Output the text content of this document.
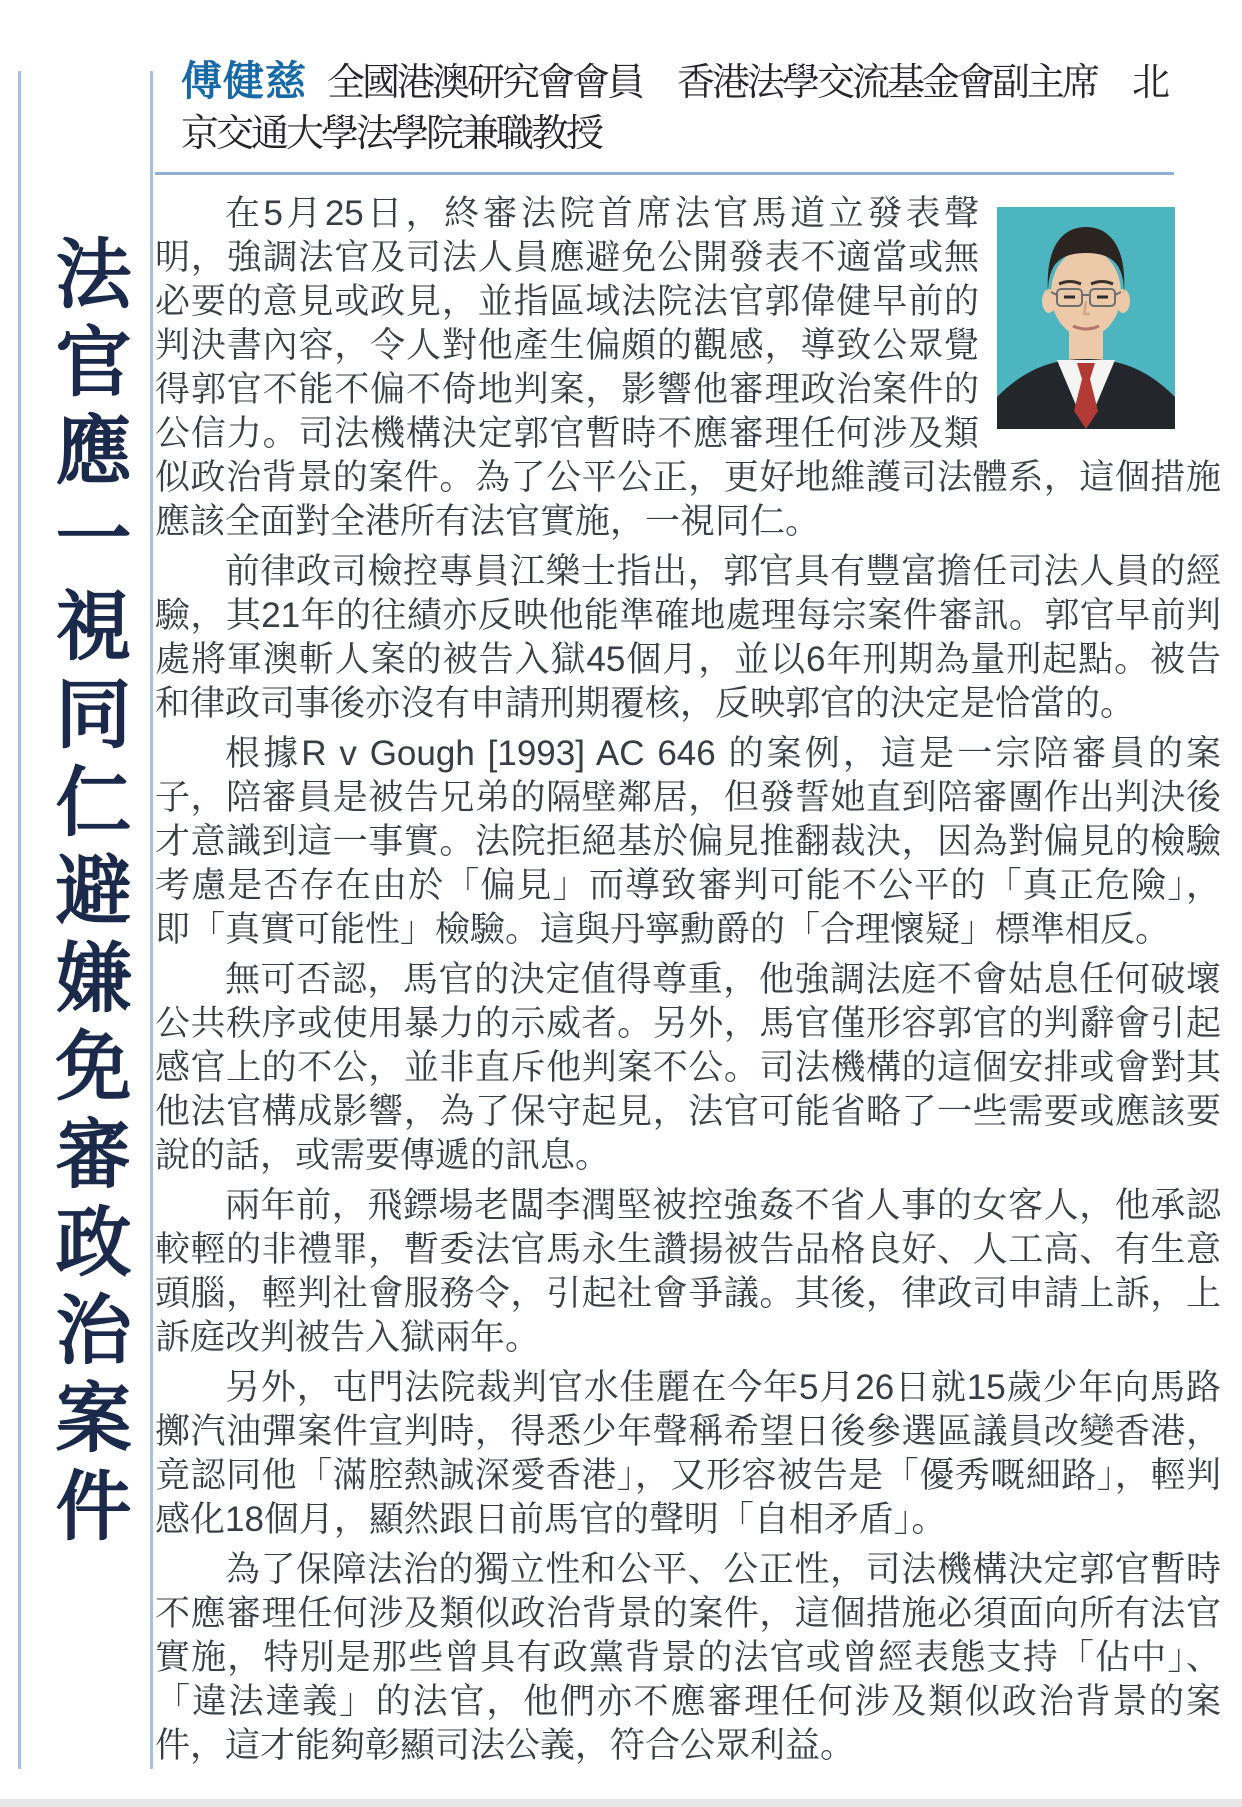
法官應一視同仁避嫌免審政治案件
傅健慈 全國港澳研究會會員　香港法學交流基金會副主席　北京交通大學法學院兼職教授

在5月25日，終審法院首席法官馬道立發表聲明，強調法官及司法人員應避免公開發表不適當或無必要的意見或政見，並指區域法院法官郭偉健早前的判決書內容，令人對他產生偏頗的觀感，導致公眾覺得郭官不能不偏不倚地判案，影響他審理政治案件的公信力。司法機構決定郭官暫時不應審理任何涉及類似政治背景的案件。為了公平公正，更好地維護司法體系，這個措施應該全面對全港所有法官實施，一視同仁。

前律政司檢控專員江樂士指出，郭官具有豐富擔任司法人員的經驗，其21年的往績亦反映他能準確地處理每宗案件審訊。郭官早前判處將軍澳斬人案的被告入獄45個月，並以6年刑期為量刑起點。被告和律政司事後亦沒有申請刑期覆核，反映郭官的決定是恰當的。

根據R v Gough [1993] AC 646 的案例，這是一宗陪審員的案子，陪審員是被告兄弟的隔壁鄰居，但發誓她直到陪審團作出判決後才意識到這一事實。法院拒絕基於偏見推翻裁決，因為對偏見的檢驗考慮是否存在由於「偏見」而導致審判可能不公平的「真正危險」，即「真實可能性」檢驗。這與丹寧勳爵的「合理懷疑」標準相反。

無可否認，馬官的決定值得尊重，他強調法庭不會姑息任何破壞公共秩序或使用暴力的示威者。另外，馬官僅形容郭官的判辭會引起感官上的不公，並非直斥他判案不公。司法機構的這個安排或會對其他法官構成影響，為了保守起見，法官可能省略了一些需要或應該要說的話，或需要傳遞的訊息。

兩年前，飛鏢場老闆李潤堅被控強姦不省人事的女客人，他承認較輕的非禮罪，暫委法官馬永生讚揚被告品格良好、人工高、有生意頭腦，輕判社會服務令，引起社會爭議。其後，律政司申請上訴，上訴庭改判被告入獄兩年。

另外，屯門法院裁判官水佳麗在今年5月26日就15歲少年向馬路擲汽油彈案件宣判時，得悉少年聲稱希望日後參選區議員改變香港，竟認同他「滿腔熱誠深愛香港」，又形容被告是「優秀嘅細路」，輕判感化18個月，顯然跟日前馬官的聲明「自相矛盾」。

為了保障法治的獨立性和公平、公正性，司法機構決定郭官暫時不應審理任何涉及類似政治背景的案件，這個措施必須面向所有法官實施，特別是那些曾具有政黨背景的法官或曾經表態支持「佔中」、「違法達義」的法官，他們亦不應審理任何涉及類似政治背景的案件，這才能夠彰顯司法公義，符合公眾利益。
